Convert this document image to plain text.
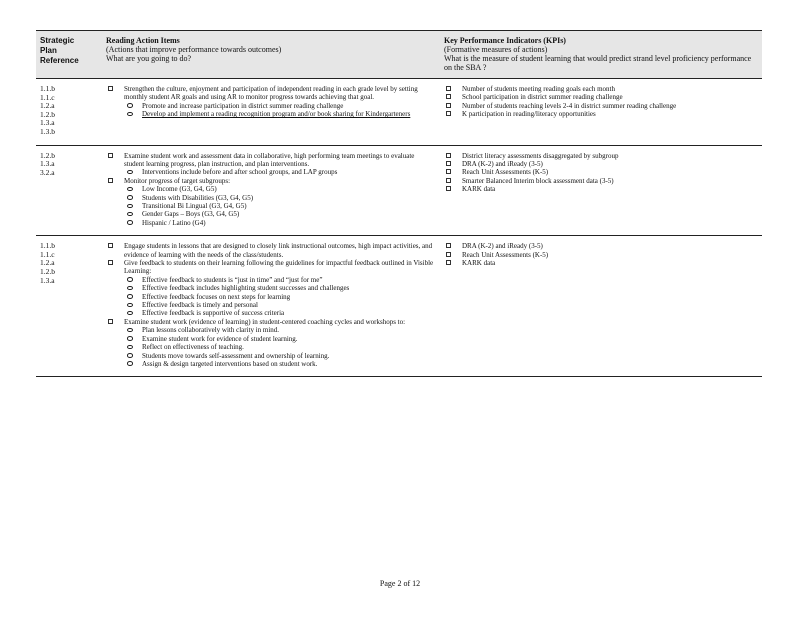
Strategic
Plan
Reference
Reading Action Items
(Actions that improve performance towards outcomes)
What are you going to do?
Key Performance Indicators (KPIs)
(Formative measures of actions)
What is the measure of student learning that would predict strand level proficiency performance on the SBA ?
1.1.b
1.1.c
1.2.a
1.2.b
1.3.a
1.3.b
Strengthen the culture, enjoyment and participation of independent reading in each grade level by setting monthly student AR goals and using AR to monitor progress towards achieving that goal.
Promote and increase participation in district summer reading challenge
Develop and implement a reading recognition program and/or book sharing for Kindergarteners
Number of students meeting reading goals each month
School participation in district summer reading challenge
Number of students reaching levels 2-4 in district summer reading challenge
K participation in reading/literacy opportunities
1.2.b
1.3.a
3.2.a
Examine student work and assessment data in collaborative, high performing team meetings to evaluate student learning progress, plan instruction, and plan interventions.
Interventions include before and after school groups, and LAP groups
Monitor progress of target subgroups:
Low Income (G3, G4, G5)
Students with Disabilities (G3, G4, G5)
Transitional Bi Lingual (G3, G4, G5)
Gender Gaps – Boys (G3, G4, G5)
Hispanic / Latino (G4)
District literacy assessments disaggregated by subgroup
DRA (K-2) and iReady (3-5)
Reach Unit Assessments (K-5)
Smarter Balanced Interim block assessment data (3-5)
KARK data
1.1.b
1.1.c
1.2.a
1.2.b
1.3.a
Engage students in lessons that are designed to closely link instructional outcomes, high impact activities, and evidence of learning with the needs of the class/students.
Give feedback to students on their learning following the guidelines for impactful feedback outlined in Visible Learning:
Effective feedback to students is “just in time” and “just for me”
Effective feedback includes highlighting student successes and challenges
Effective feedback focuses on next steps for learning
Effective feedback is timely and personal
Effective feedback is supportive of success criteria
Examine student work (evidence of learning) in student-centered coaching cycles and workshops to:
Plan lessons collaboratively with clarity in mind.
Examine student work for evidence of student learning.
Reflect on effectiveness of teaching.
Students move towards self-assessment and ownership of learning.
Assign & design targeted interventions based on student work.
DRA (K-2) and iReady (3-5)
Reach Unit Assessments (K-5)
KARK data
Page 2 of 12
